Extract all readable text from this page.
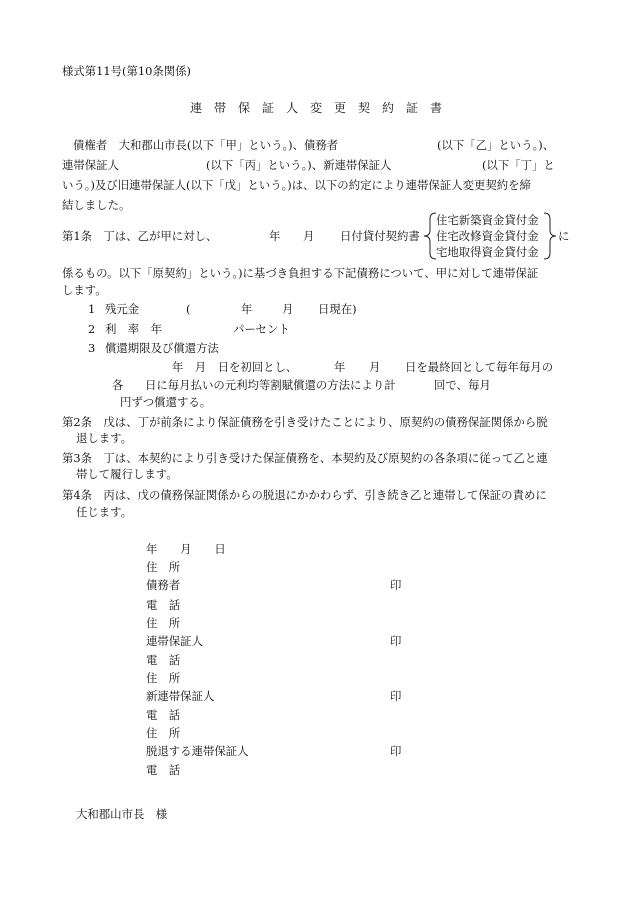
様式第11号(第10条関係)
連　帯　保　証　人　変　更　契　約　証　書
債権者　大和郡山市長(以下「甲」という。)、債務者	(以下「乙」という。)、
連帯保証人	(以下「丙」という。)、新連帯保証人	(以下「丁」と
いう。)及び旧連帯保証人(以下「戊」という。)は、以下の約定により連帯保証人変更契約を締
結しました。
第1条　丁は、乙が甲に対し、	年 月 日付貸付契約書
住宅新築資金貸付金
住宅改修資金貸付金
宅地取得資金貸付金
に
係るもの。以下「原契約」という。)に基づき負担する下記債務について、甲に対して連帯保証
します。
1 残元金	(	年	月 日現在)
2 利　率　年	パーセント
3 償還期限及び償還方法
年　月　日を初回とし、	年 月 日を最終回として毎年毎月の
各 日に毎月払いの元利均等割賦償還の方法により計	回で、毎月
円ずつ償還する。
第2条　戊は、丁が前条により保証債務を引き受けたことにより、原契約の債務保証関係から脱
退します。
第3条　丁は、本契約により引き受けた保証債務を、本契約及び原契約の各条項に従って乙と連
帯して履行します。
第4条　丙は、戊の債務保証関係からの脱退にかかわらず、引き続き乙と連帯して保証の責めに
任じます。
年　　月　　日
住　所
債務者	印
電　話
住　所
連帯保証人	印
電　話
住　所
新連帯保証人	印
電　話
住　所
脱退する連帯保証人	印
電　話
大和郡山市長　様
